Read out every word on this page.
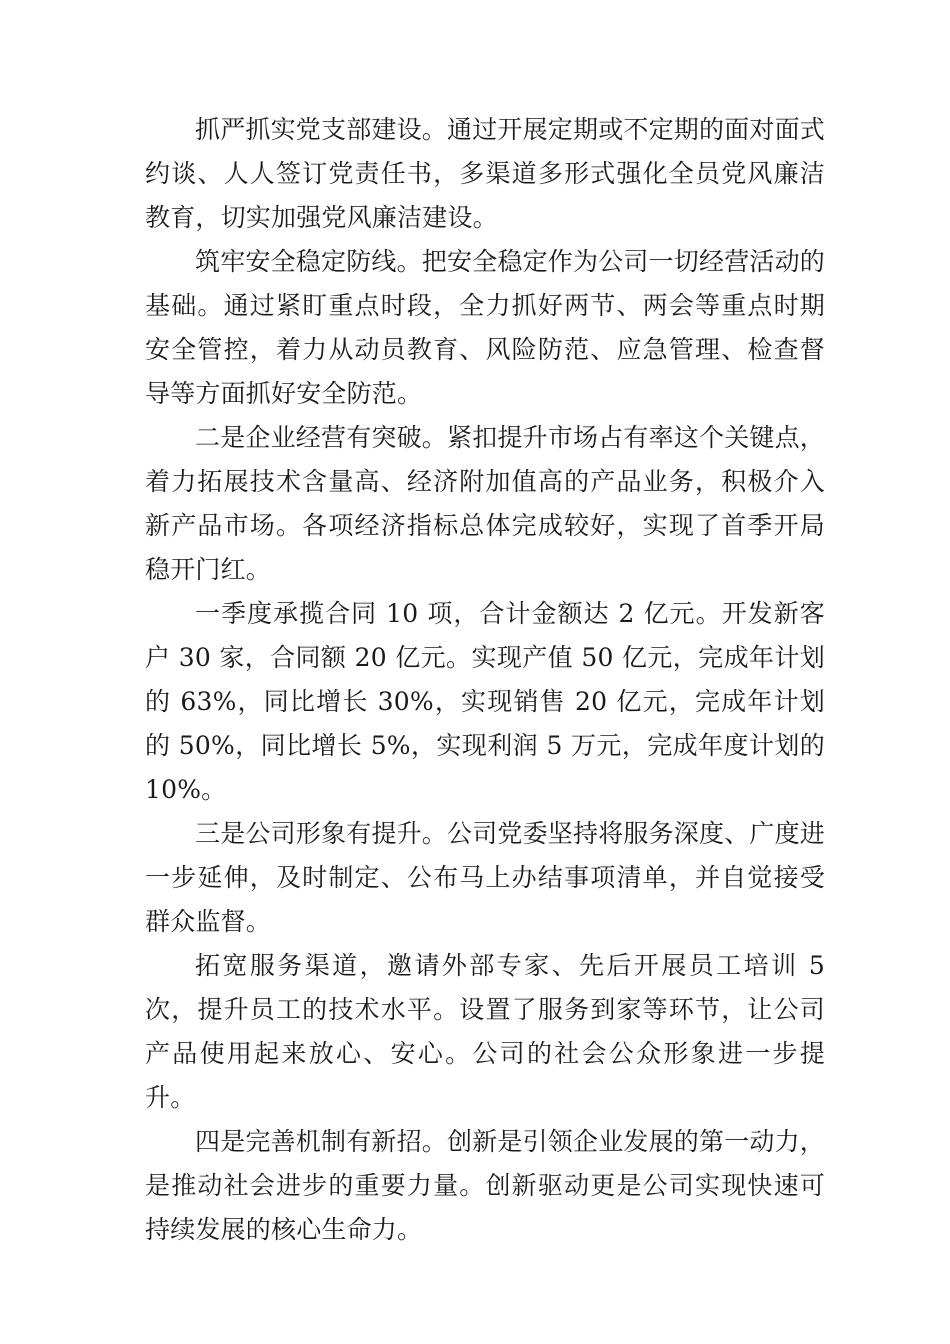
抓严抓实党支部建设。通过开展定期或不定期的面对面式约谈、人人签订党责任书，多渠道多形式强化全员党风廉洁教育，切实加强党风廉洁建设。

筑牢安全稳定防线。把安全稳定作为公司一切经营活动的基础。通过紧盯重点时段，全力抓好两节、两会等重点时期安全管控，着力从动员教育、风险防范、应急管理、检查督导等方面抓好安全防范。

二是企业经营有突破。紧扣提升市场占有率这个关键点，着力拓展技术含量高、经济附加值高的产品业务，积极介入新产品市场。各项经济指标总体完成较好，实现了首季开局稳开门红。

一季度承揽合同 10 项，合计金额达 2 亿元。开发新客户 30 家，合同额 20 亿元。实现产值 50 亿元，完成年计划的 63%，同比增长 30%，实现销售 20 亿元，完成年计划的 50%，同比增长 5%，实现利润 5 万元，完成年度计划的 10%。

三是公司形象有提升。公司党委坚持将服务深度、广度进一步延伸，及时制定、公布马上办结事项清单，并自觉接受群众监督。

拓宽服务渠道，邀请外部专家、先后开展员工培训 5 次，提升员工的技术水平。设置了服务到家等环节，让公司产品使用起来放心、安心。公司的社会公众形象进一步提升。

四是完善机制有新招。创新是引领企业发展的第一动力，是推动社会进步的重要力量。创新驱动更是公司实现快速可持续发展的核心生命力。
